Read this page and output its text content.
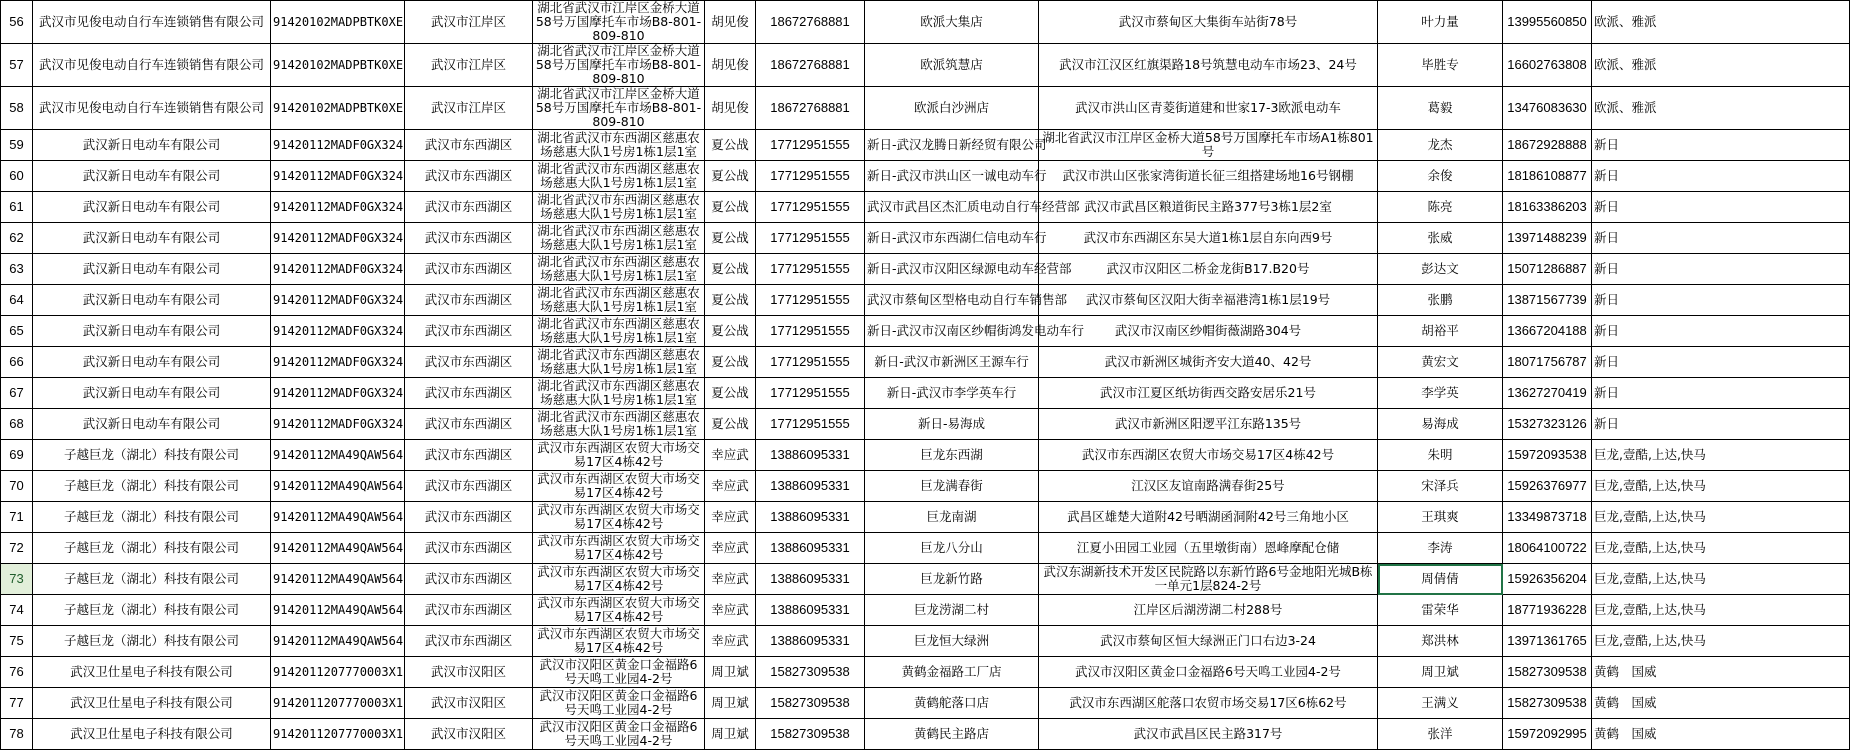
56	武汉市见俊电动自行车连锁销售有限公司	91420102MADPBTK0XE	武汉市江岸区	湖北省武汉市江岸区金桥大道58号万国摩托车市场B8-801-809-810	胡见俊	18672768881	欧派大集店	武汉市蔡甸区大集街车站街78号	叶力量	13995560850	欧派、雅派
57	武汉市见俊电动自行车连锁销售有限公司	91420102MADPBTK0XE	武汉市江岸区	湖北省武汉市江岸区金桥大道58号万国摩托车市场B8-801-809-810	胡见俊	18672768881	欧派筑慧店	武汉市江汉区红旗渠路18号筑慧电动车市场23、24号	毕胜专	16602763808	欧派、雅派
58	武汉市见俊电动自行车连锁销售有限公司	91420102MADPBTK0XE	武汉市江岸区	湖北省武汉市江岸区金桥大道58号万国摩托车市场B8-801-809-810	胡见俊	18672768881	欧派白沙洲店	武汉市洪山区青菱街道建和世家17-3欧派电动车	葛毅	13476083630	欧派、雅派
59	武汉新日电动车有限公司	91420112MADF0GX324	武汉市东西湖区	湖北省武汉市东西湖区慈惠农场慈惠大队1号房1栋1层1室	夏公战	17712951555	新日-武汉龙腾日新经贸有限公司	湖北省武汉市江岸区金桥大道58号万国摩托车市场A1栋801号	龙杰	18672928888	新日
60	武汉新日电动车有限公司	91420112MADF0GX324	武汉市东西湖区	湖北省武汉市东西湖区慈惠农场慈惠大队1号房1栋1层1室	夏公战	17712951555	新日-武汉市洪山区一诚电动车行	武汉市洪山区张家湾街道长征三组搭建场地16号钢棚	余俊	18186108877	新日
61	武汉新日电动车有限公司	91420112MADF0GX324	武汉市东西湖区	湖北省武汉市东西湖区慈惠农场慈惠大队1号房1栋1层1室	夏公战	17712951555	武汉市武昌区杰汇质电动自行车经营部	武汉市武昌区粮道街民主路377号3栋1层2室	陈亮	18163386203	新日
62	武汉新日电动车有限公司	91420112MADF0GX324	武汉市东西湖区	湖北省武汉市东西湖区慈惠农场慈惠大队1号房1栋1层1室	夏公战	17712951555	新日-武汉市东西湖仁信电动车行	武汉市东西湖区东吴大道1栋1层自东向西9号	张威	13971488239	新日
63	武汉新日电动车有限公司	91420112MADF0GX324	武汉市东西湖区	湖北省武汉市东西湖区慈惠农场慈惠大队1号房1栋1层1室	夏公战	17712951555	新日-武汉市汉阳区绿源电动车经营部	武汉市汉阳区二桥金龙街B17.B20号	彭达文	15071286887	新日
64	武汉新日电动车有限公司	91420112MADF0GX324	武汉市东西湖区	湖北省武汉市东西湖区慈惠农场慈惠大队1号房1栋1层1室	夏公战	17712951555	武汉市蔡甸区型格电动自行车销售部	武汉市蔡甸区汉阳大街幸福港湾1栋1层19号	张鹏	13871567739	新日
65	武汉新日电动车有限公司	91420112MADF0GX324	武汉市东西湖区	湖北省武汉市东西湖区慈惠农场慈惠大队1号房1栋1层1室	夏公战	17712951555	新日-武汉市汉南区纱帽街鸿发电动车行	武汉市汉南区纱帽街薇湖路304号	胡裕平	13667204188	新日
66	武汉新日电动车有限公司	91420112MADF0GX324	武汉市东西湖区	湖北省武汉市东西湖区慈惠农场慈惠大队1号房1栋1层1室	夏公战	17712951555	新日-武汉市新洲区王源车行	武汉市新洲区城街齐安大道40、42号	黄宏文	18071756787	新日
67	武汉新日电动车有限公司	91420112MADF0GX324	武汉市东西湖区	湖北省武汉市东西湖区慈惠农场慈惠大队1号房1栋1层1室	夏公战	17712951555	新日-武汉市李学英车行	武汉市江夏区纸坊街西交路安居乐21号	李学英	13627270419	新日
68	武汉新日电动车有限公司	91420112MADF0GX324	武汉市东西湖区	湖北省武汉市东西湖区慈惠农场慈惠大队1号房1栋1层1室	夏公战	17712951555	新日-易海成	武汉市新洲区阳逻平江东路135号	易海成	15327323126	新日
69	子越巨龙（湖北）科技有限公司	91420112MA49QAW564	武汉市东西湖区	武汉市东西湖区农贸大市场交易17区4栋42号	幸应武	13886095331	巨龙东西湖	武汉市东西湖区农贸大市场交易17区4栋42号	朱明	15972093538	巨龙,壹酷,上达,快马
70	子越巨龙（湖北）科技有限公司	91420112MA49QAW564	武汉市东西湖区	武汉市东西湖区农贸大市场交易17区4栋42号	幸应武	13886095331	巨龙满春街	江汉区友谊南路满春街25号	宋泽兵	15926376977	巨龙,壹酷,上达,快马
71	子越巨龙（湖北）科技有限公司	91420112MA49QAW564	武汉市东西湖区	武汉市东西湖区农贸大市场交易17区4栋42号	幸应武	13886095331	巨龙南湖	武昌区雄楚大道附42号晒湖函洞附42号三角地小区	王琪爽	13349873718	巨龙,壹酷,上达,快马
72	子越巨龙（湖北）科技有限公司	91420112MA49QAW564	武汉市东西湖区	武汉市东西湖区农贸大市场交易17区4栋42号	幸应武	13886095331	巨龙八分山	江夏小田园工业园（五里墩街南）恩峰摩配仓储	李涛	18064100722	巨龙,壹酷,上达,快马
73	子越巨龙（湖北）科技有限公司	91420112MA49QAW564	武汉市东西湖区	武汉市东西湖区农贸大市场交易17区4栋42号	幸应武	13886095331	巨龙新竹路	武汉东湖新技术开发区民院路以东新竹路6号金地阳光城B栋一单元1层824-2号	周倩倩	15926356204	巨龙,壹酷,上达,快马
74	子越巨龙（湖北）科技有限公司	91420112MA49QAW564	武汉市东西湖区	武汉市东西湖区农贸大市场交易17区4栋42号	幸应武	13886095331	巨龙涝湖二村	江岸区后湖涝湖二村288号	雷荣华	18771936228	巨龙,壹酷,上达,快马
75	子越巨龙（湖北）科技有限公司	91420112MA49QAW564	武汉市东西湖区	武汉市东西湖区农贸大市场交易17区4栋42号	幸应武	13886095331	巨龙恒大绿洲	武汉市蔡甸区恒大绿洲正门口右边3-24	郑洪林	13971361765	巨龙,壹酷,上达,快马
76	武汉卫仕星电子科技有限公司	9142011207770003X1	武汉市汉阳区	武汉市汉阳区黄金口金福路6号天鸣工业园4-2号	周卫斌	15827309538	黄鹤金福路工厂店	武汉市汉阳区黄金口金福路6号天鸣工业园4-2号	周卫斌	15827309538	黄鹤　国威
77	武汉卫仕星电子科技有限公司	9142011207770003X1	武汉市汉阳区	武汉市汉阳区黄金口金福路6号天鸣工业园4-2号	周卫斌	15827309538	黄鹤舵落口店	武汉市东西湖区舵落口农贸市场交易17区6栋62号	王满义	15827309538	黄鹤　国威
78	武汉卫仕星电子科技有限公司	9142011207770003X1	武汉市汉阳区	武汉市汉阳区黄金口金福路6号天鸣工业园4-2号	周卫斌	15827309538	黄鹤民主路店	武汉市武昌区民主路317号	张洋	15972092995	黄鹤　国威
